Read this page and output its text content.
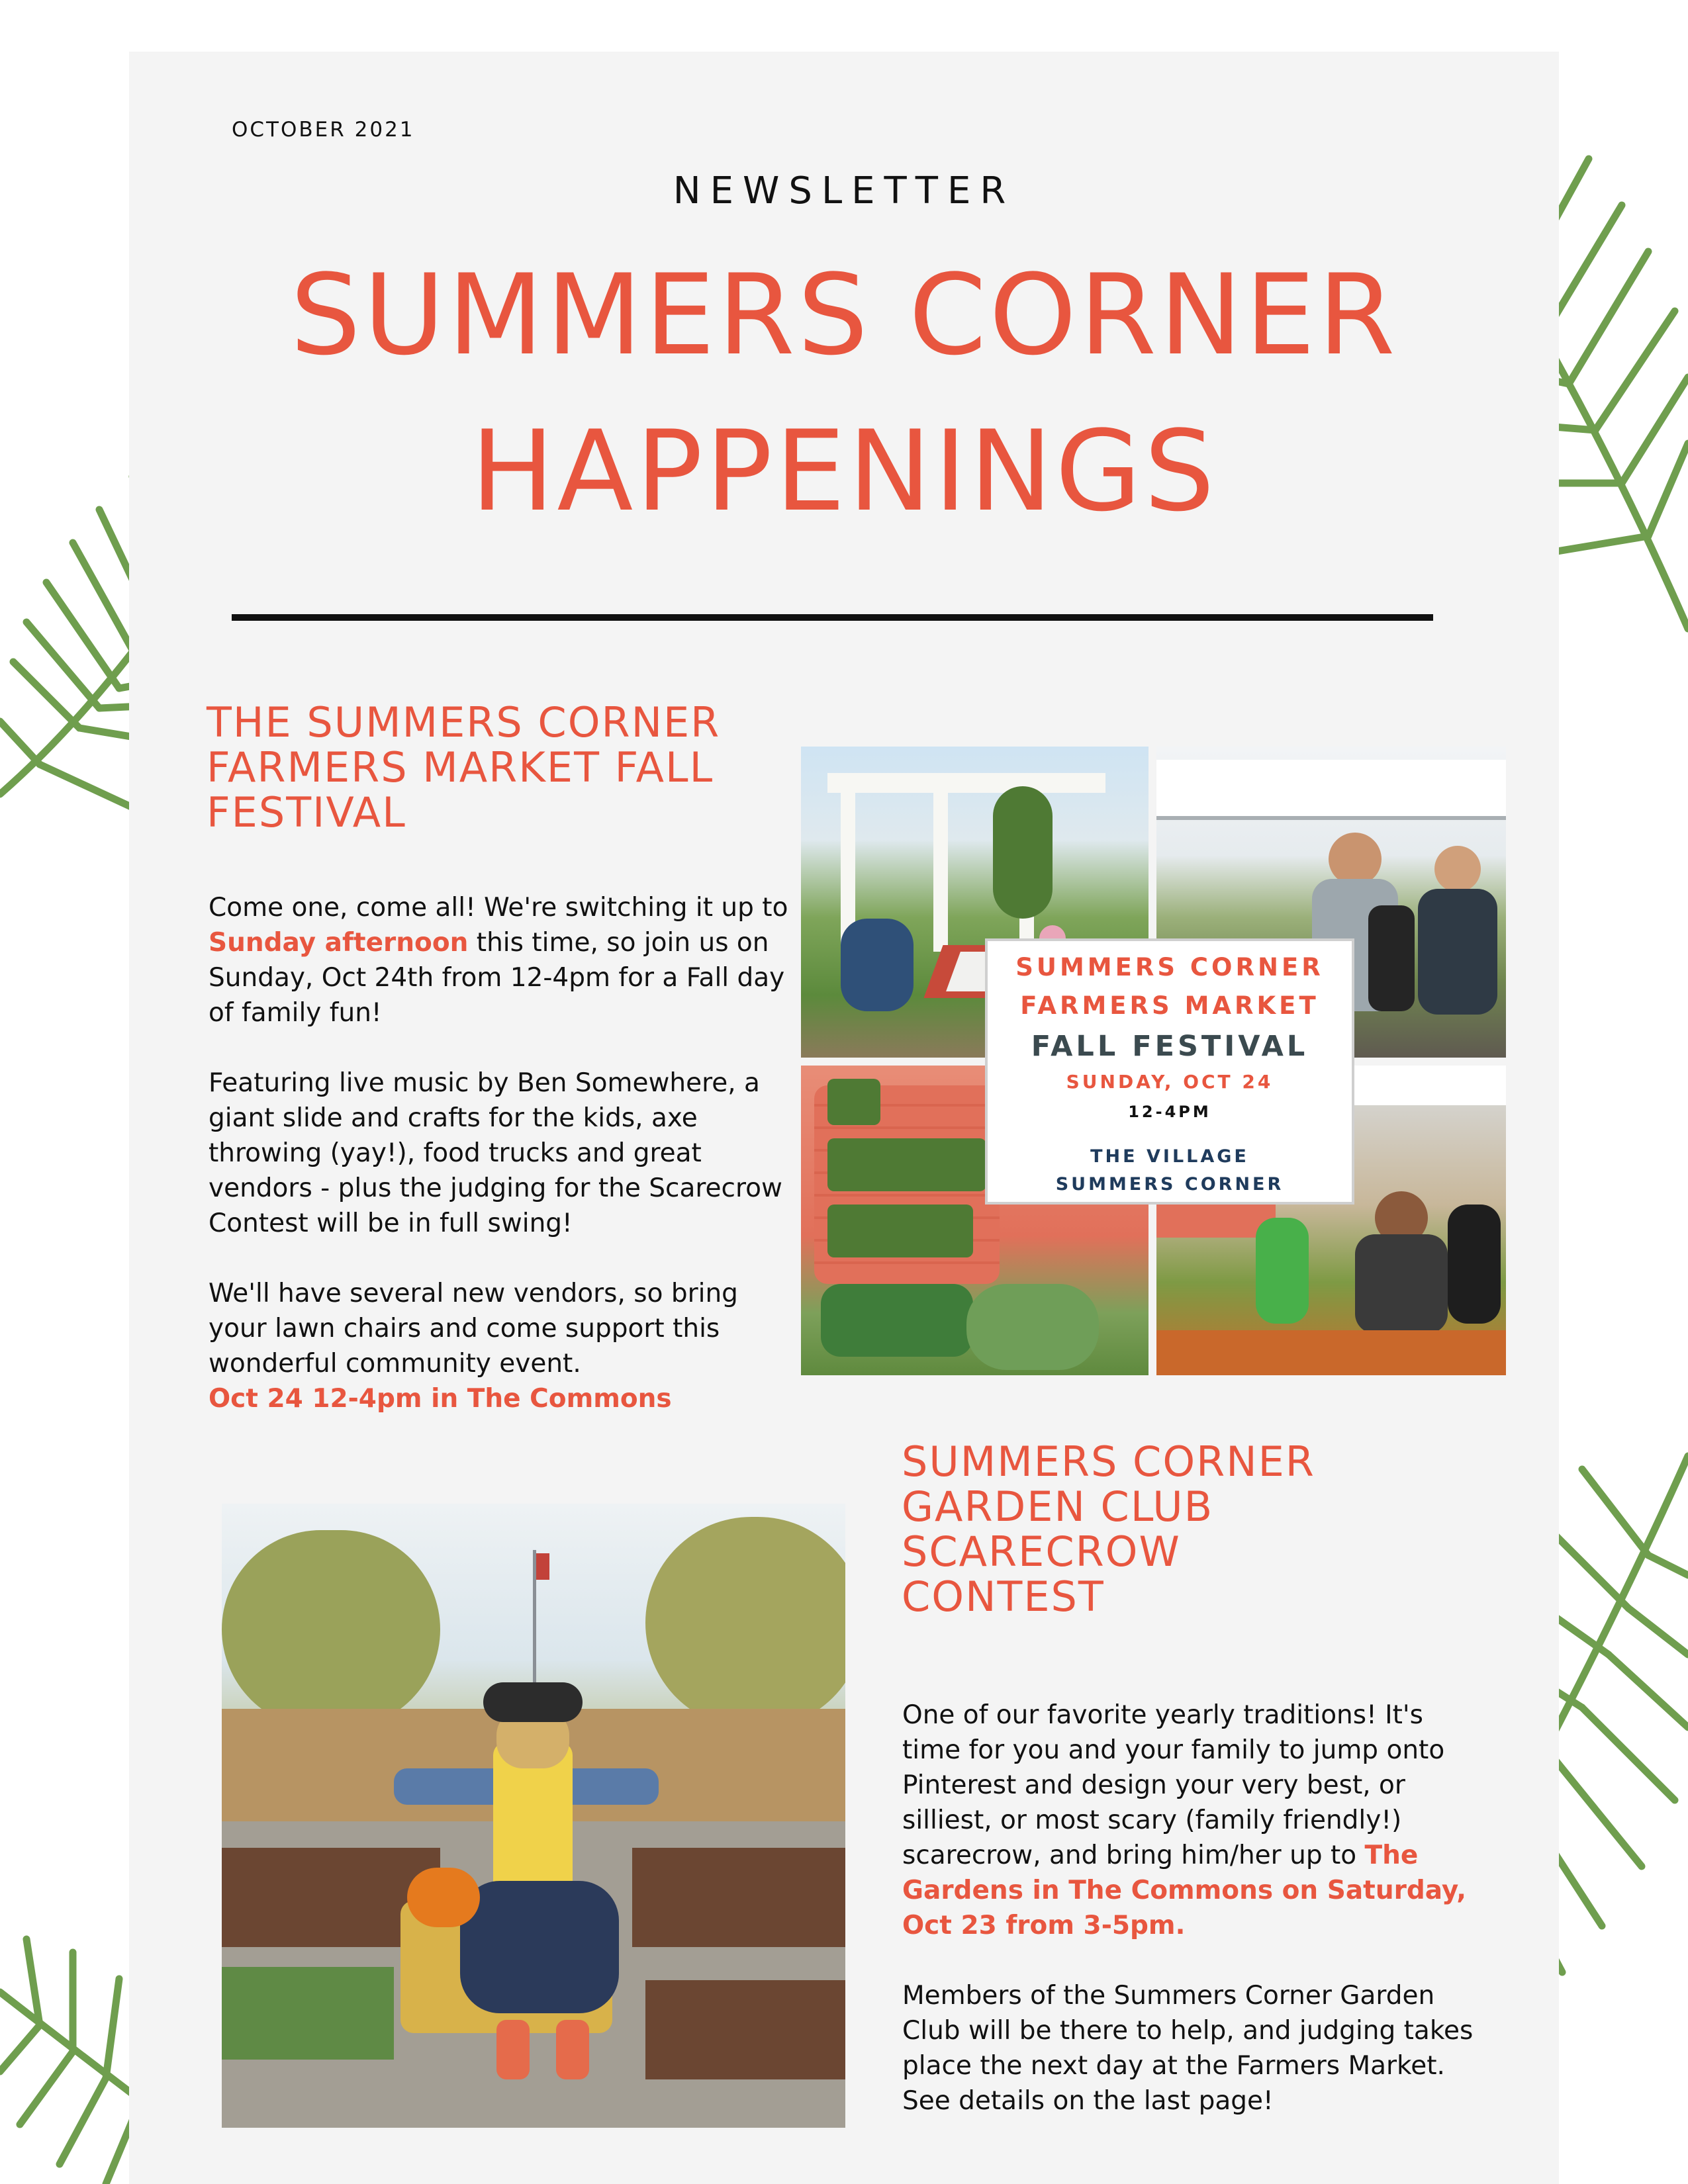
OCTOBER 2021
NEWSLETTER
SUMMERS CORNER
HAPPENINGS
THE SUMMERS CORNER
FARMERS MARKET FALL
FESTIVAL

Come one, come all! We're switching it up to Sunday afternoon this time, so join us on Sunday, Oct 24th from 12-4pm for a Fall day of family fun!

Featuring live music by Ben Somewhere, a giant slide and crafts for the kids, axe throwing (yay!), food trucks and great vendors - plus the judging for the Scarecrow Contest will be in full swing!

We'll have several new vendors, so bring your lawn chairs and come support this wonderful community event.

Oct 24 12-4pm in The Commons
SUMMERS CORNER
FARMERS MARKET
FALL FESTIVAL
SUNDAY, OCT 24
12-4PM
THE VILLAGE
SUMMERS CORNER
SUMMERS CORNER
GARDEN CLUB
SCARECROW
CONTEST

One of our favorite yearly traditions! It's time for you and your family to jump onto Pinterest and design your very best, or silliest, or most scary (family friendly!) scarecrow, and bring him/her up to The Gardens in The Commons on Saturday, Oct 23 from 3-5pm.

Members of the Summers Corner Garden Club will be there to help, and judging takes place the next day at the Farmers Market. See details on the last page!
